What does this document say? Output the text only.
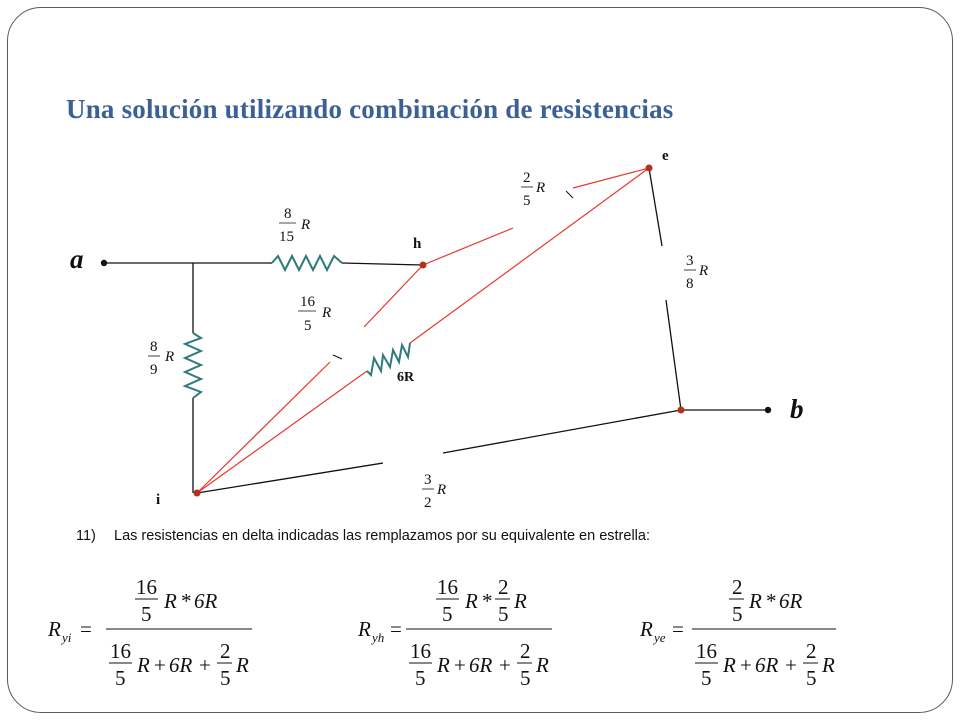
Una solución utilizando combinación de resistencias
a
b
e
h
i
8
15
R
8
9
R
16
5
R
2
5
R
3
8
R
3
2
R
6R
11) Las resistencias en delta indicadas las remplazamos por su equivalente en estrella:
R yi =
16
5
R * 6R
16
5
R + 6R +
2
5
R
R yh =
16
5
R *
2
5
R
16
5
R + 6R +
2
5
R
R ye =
2
5
R * 6R
16
5
R + 6R +
2
5
R
